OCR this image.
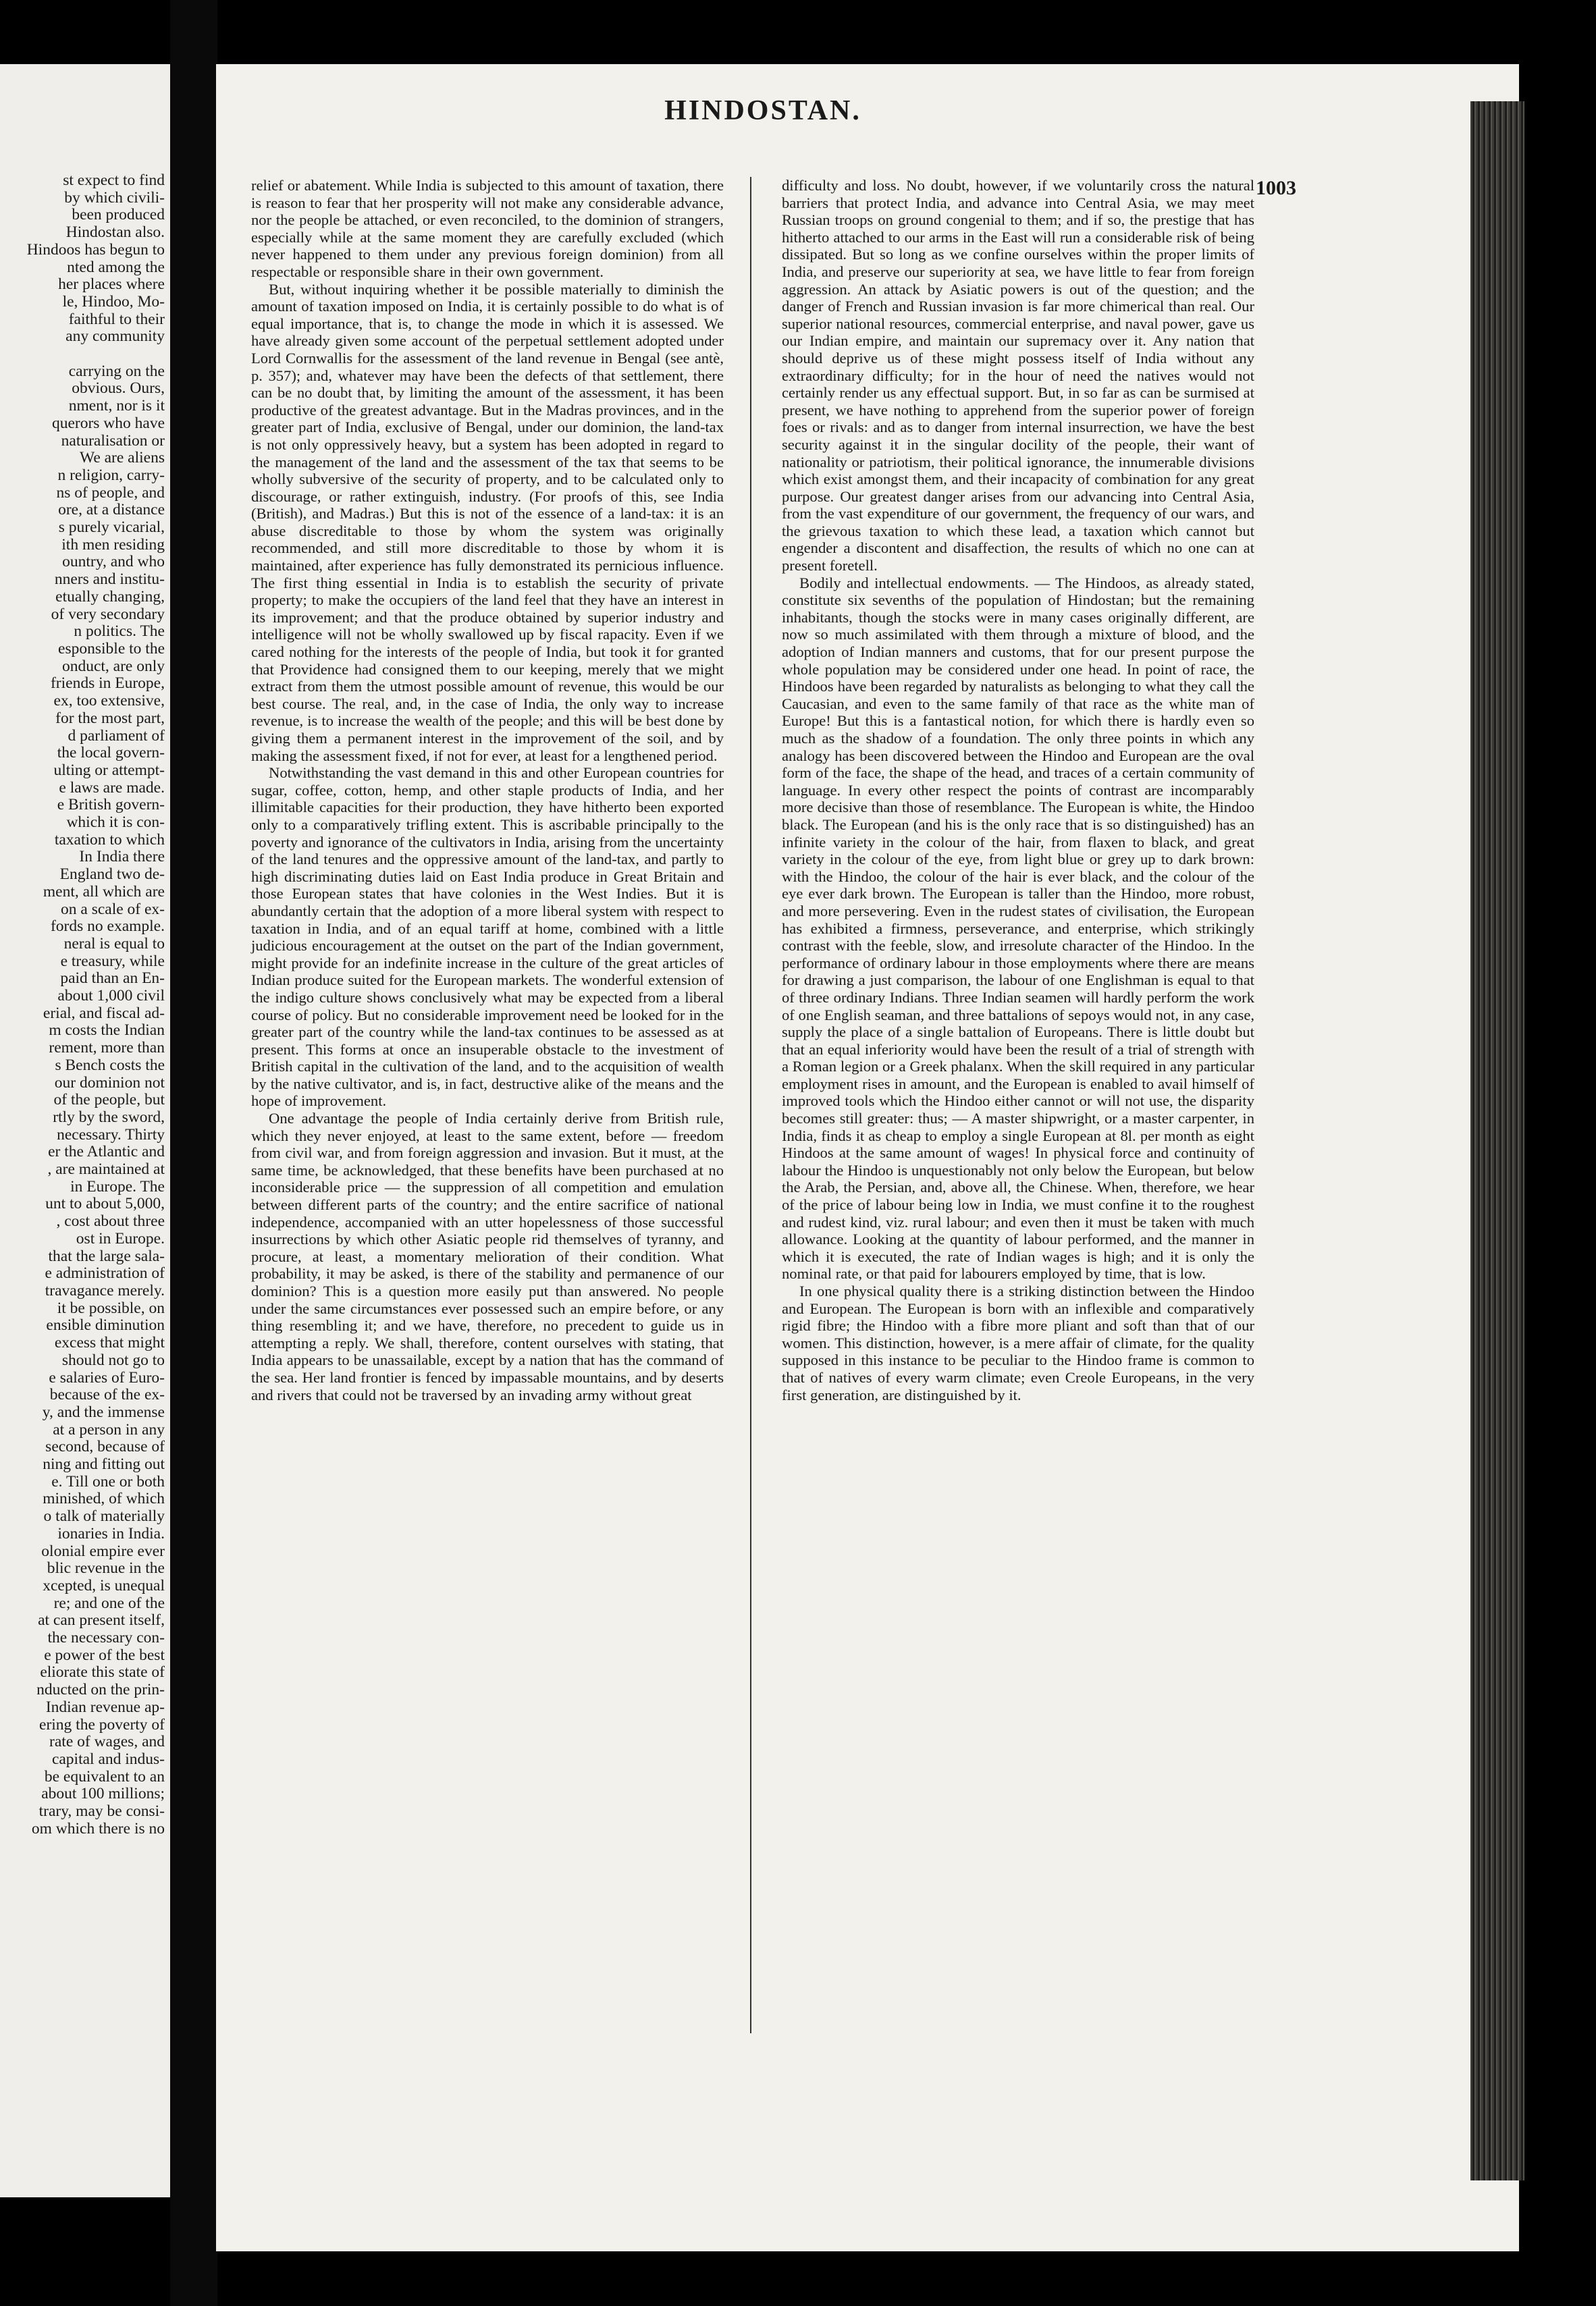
st expect to find
by which civili-
been produced
Hindostan also.
Hindoos has begun to
nted among the
her places where
le, Hindoo, Mo-
faithful to their
any community

carrying on the
obvious. Ours,
nment, nor is it
querors who have
naturalisation or
We are aliens
n religion, carry-
ns of people, and
ore, at a distance
s purely vicarial,
ith men residing
ountry, and who
nners and institu-
etually changing,
of very secondary
n politics. The
esponsible to the
onduct, are only
friends in Europe,
ex, too extensive,
for the most part,
d parliament of
the local govern-
ulting or attempt-
e laws are made.
e British govern-
which it is con-
taxation to which
In India there
England two de-
ment, all which are
on a scale of ex-
fords no example.
neral is equal to
e treasury, while
paid than an En-
about 1,000 civil
erial, and fiscal ad-
m costs the Indian
rement, more than
s Bench costs the
our dominion not
of the people, but
rtly by the sword,
necessary. Thirty
er the Atlantic and
, are maintained at
in Europe. The
unt to about 5,000,
, cost about three
ost in Europe.
that the large sala-
e administration of
travagance merely.
it be possible, on
ensible diminution
excess that might
should not go to
e salaries of Euro-
because of the ex-
y, and the immense
at a person in any
second, because of
ning and fitting out
e. Till one or both
minished, of which
o talk of materially
ionaries in India.
olonial empire ever
blic revenue in the
xcepted, is unequal
re; and one of the
at can present itself,
the necessary con-
e power of the best
eliorate this state of
nducted on the prin-
Indian revenue ap-
ering the poverty of
rate of wages, and
capital and indus-
be equivalent to an
about 100 millions;
trary, may be consi-
om which there is no
HINDOSTAN.
1003

relief or abatement. While India is subjected to this amount of taxation, there is reason to fear that her prosperity will not make any considerable advance, nor the people be attached, or even reconciled, to the dominion of strangers, especially while at the same moment they are carefully excluded (which never happened to them under any previous foreign dominion) from all respectable or responsible share in their own government.

But, without inquiring whether it be possible materially to diminish the amount of taxation imposed on India, it is certainly possible to do what is of equal importance, that is, to change the mode in which it is assessed. We have already given some account of the perpetual settlement adopted under Lord Cornwallis for the assessment of the land revenue in Bengal (see antè, p. 357); and, whatever may have been the defects of that settlement, there can be no doubt that, by limiting the amount of the assessment, it has been productive of the greatest advantage. But in the Madras provinces, and in the greater part of India, exclusive of Bengal, under our dominion, the land-tax is not only oppressively heavy, but a system has been adopted in regard to the management of the land and the assessment of the tax that seems to be wholly subversive of the security of property, and to be calculated only to discourage, or rather extinguish, industry. (For proofs of this, see India (British), and Madras.) But this is not of the essence of a land-tax: it is an abuse discreditable to those by whom the system was originally recommended, and still more discreditable to those by whom it is maintained, after experience has fully demonstrated its pernicious influence. The first thing essential in India is to establish the security of private property; to make the occupiers of the land feel that they have an interest in its improvement; and that the produce obtained by superior industry and intelligence will not be wholly swallowed up by fiscal rapacity. Even if we cared nothing for the interests of the people of India, but took it for granted that Providence had consigned them to our keeping, merely that we might extract from them the utmost possible amount of revenue, this would be our best course. The real, and, in the case of India, the only way to increase revenue, is to increase the wealth of the people; and this will be best done by giving them a permanent interest in the improvement of the soil, and by making the assessment fixed, if not for ever, at least for a lengthened period.

Notwithstanding the vast demand in this and other European countries for sugar, coffee, cotton, hemp, and other staple products of India, and her illimitable capacities for their production, they have hitherto been exported only to a comparatively trifling extent. This is ascribable principally to the poverty and ignorance of the cultivators in India, arising from the uncertainty of the land tenures and the oppressive amount of the land-tax, and partly to high discriminating duties laid on East India produce in Great Britain and those European states that have colonies in the West Indies. But it is abundantly certain that the adoption of a more liberal system with respect to taxation in India, and of an equal tariff at home, combined with a little judicious encouragement at the outset on the part of the Indian government, might provide for an indefinite increase in the culture of the great articles of Indian produce suited for the European markets. The wonderful extension of the indigo culture shows conclusively what may be expected from a liberal course of policy. But no considerable improvement need be looked for in the greater part of the country while the land-tax continues to be assessed as at present. This forms at once an insuperable obstacle to the investment of British capital in the cultivation of the land, and to the acquisition of wealth by the native cultivator, and is, in fact, destructive alike of the means and the hope of improvement.

One advantage the people of India certainly derive from British rule, which they never enjoyed, at least to the same extent, before — freedom from civil war, and from foreign aggression and invasion. But it must, at the same time, be acknowledged, that these benefits have been purchased at no inconsiderable price — the suppression of all competition and emulation between different parts of the country; and the entire sacrifice of national independence, accompanied with an utter hopelessness of those successful insurrections by which other Asiatic people rid themselves of tyranny, and procure, at least, a momentary melioration of their condition. What probability, it may be asked, is there of the stability and permanence of our dominion? This is a question more easily put than answered. No people under the same circumstances ever possessed such an empire before, or any thing resembling it; and we have, therefore, no precedent to guide us in attempting a reply. We shall, therefore, content ourselves with stating, that India appears to be unassailable, except by a nation that has the command of the sea. Her land frontier is fenced by impassable mountains, and by deserts and rivers that could not be traversed by an invading army without great

difficulty and loss. No doubt, however, if we voluntarily cross the natural barriers that protect India, and advance into Central Asia, we may meet Russian troops on ground congenial to them; and if so, the prestige that has hitherto attached to our arms in the East will run a considerable risk of being dissipated. But so long as we confine ourselves within the proper limits of India, and preserve our superiority at sea, we have little to fear from foreign aggression. An attack by Asiatic powers is out of the question; and the danger of French and Russian invasion is far more chimerical than real. Our superior national resources, commercial enterprise, and naval power, gave us our Indian empire, and maintain our supremacy over it. Any nation that should deprive us of these might possess itself of India without any extraordinary difficulty; for in the hour of need the natives would not certainly render us any effectual support. But, in so far as can be surmised at present, we have nothing to apprehend from the superior power of foreign foes or rivals: and as to danger from internal insurrection, we have the best security against it in the singular docility of the people, their want of nationality or patriotism, their political ignorance, the innumerable divisions which exist amongst them, and their incapacity of combination for any great purpose. Our greatest danger arises from our advancing into Central Asia, from the vast expenditure of our government, the frequency of our wars, and the grievous taxation to which these lead, a taxation which cannot but engender a discontent and disaffection, the results of which no one can at present foretell.

Bodily and intellectual endowments. — The Hindoos, as already stated, constitute six sevenths of the population of Hindostan; but the remaining inhabitants, though the stocks were in many cases originally different, are now so much assimilated with them through a mixture of blood, and the adoption of Indian manners and customs, that for our present purpose the whole population may be considered under one head. In point of race, the Hindoos have been regarded by naturalists as belonging to what they call the Caucasian, and even to the same family of that race as the white man of Europe! But this is a fantastical notion, for which there is hardly even so much as the shadow of a foundation. The only three points in which any analogy has been discovered between the Hindoo and European are the oval form of the face, the shape of the head, and traces of a certain community of language. In every other respect the points of contrast are incomparably more decisive than those of resemblance. The European is white, the Hindoo black. The European (and his is the only race that is so distinguished) has an infinite variety in the colour of the hair, from flaxen to black, and great variety in the colour of the eye, from light blue or grey up to dark brown: with the Hindoo, the colour of the hair is ever black, and the colour of the eye ever dark brown. The European is taller than the Hindoo, more robust, and more persevering. Even in the rudest states of civilisation, the European has exhibited a firmness, perseverance, and enterprise, which strikingly contrast with the feeble, slow, and irresolute character of the Hindoo. In the performance of ordinary labour in those employments where there are means for drawing a just comparison, the labour of one Englishman is equal to that of three ordinary Indians. Three Indian seamen will hardly perform the work of one English seaman, and three battalions of sepoys would not, in any case, supply the place of a single battalion of Europeans. There is little doubt but that an equal inferiority would have been the result of a trial of strength with a Roman legion or a Greek phalanx. When the skill required in any particular employment rises in amount, and the European is enabled to avail himself of improved tools which the Hindoo either cannot or will not use, the disparity becomes still greater: thus; — A master shipwright, or a master carpenter, in India, finds it as cheap to employ a single European at 8l. per month as eight Hindoos at the same amount of wages! In physical force and continuity of labour the Hindoo is unquestionably not only below the European, but below the Arab, the Persian, and, above all, the Chinese. When, therefore, we hear of the price of labour being low in India, we must confine it to the roughest and rudest kind, viz. rural labour; and even then it must be taken with much allowance. Looking at the quantity of labour performed, and the manner in which it is executed, the rate of Indian wages is high; and it is only the nominal rate, or that paid for labourers employed by time, that is low.

In one physical quality there is a striking distinction between the Hindoo and European. The European is born with an inflexible and comparatively rigid fibre; the Hindoo with a fibre more pliant and soft than that of our women. This distinction, however, is a mere affair of climate, for the quality supposed in this instance to be peculiar to the Hindoo frame is common to that of natives of every warm climate; even Creole Europeans, in the very first generation, are distinguished by it.
